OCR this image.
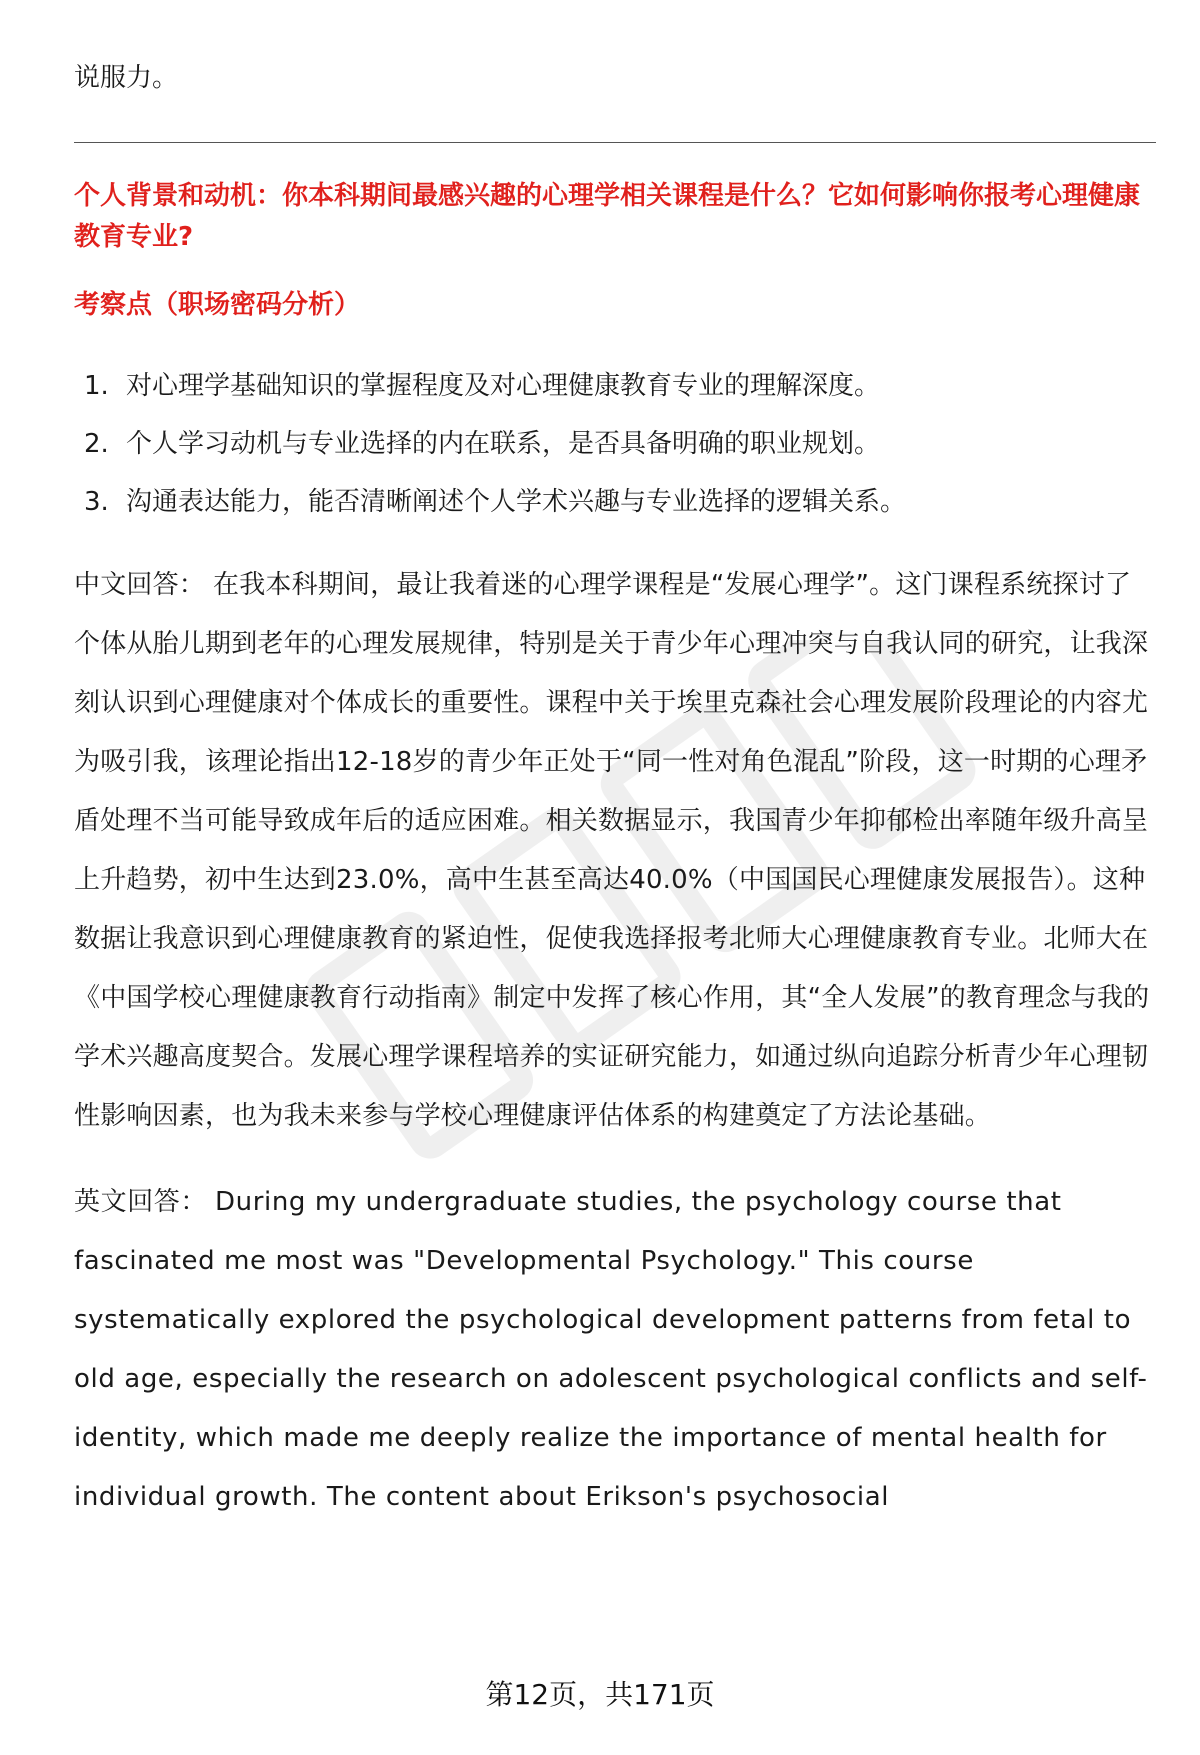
说服力。

个人背景和动机：你本科期间最感兴趣的心理学相关课程是什么？它如何影响你报考心理健康教育专业?

考察点（职场密码分析）

1. 对心理学基础知识的掌握程度及对心理健康教育专业的理解深度。
2. 个人学习动机与专业选择的内在联系，是否具备明确的职业规划。
3. 沟通表达能力，能否清晰阐述个人学术兴趣与专业选择的逻辑关系。

中文回答： 在我本科期间，最让我着迷的心理学课程是“发展心理学”。这门课程系统探讨了个体从胎儿期到老年的心理发展规律，特别是关于青少年心理冲突与自我认同的研究，让我深刻认识到心理健康对个体成长的重要性。课程中关于埃里克森社会心理发展阶段理论的内容尤为吸引我，该理论指出12-18岁的青少年正处于“同一性对角色混乱”阶段，这一时期的心理矛盾处理不当可能导致成年后的适应困难。相关数据显示，我国青少年抑郁检出率随年级升高呈上升趋势，初中生达到23.0%，高中生甚至高达40.0%（中国国民心理健康发展报告）。这种数据让我意识到心理健康教育的紧迫性，促使我选择报考北师大心理健康教育专业。北师大在《中国学校心理健康教育行动指南》制定中发挥了核心作用，其“全人发展”的教育理念与我的学术兴趣高度契合。发展心理学课程培养的实证研究能力，如通过纵向追踪分析青少年心理韧性影响因素，也为我未来参与学校心理健康评估体系的构建奠定了方法论基础。

英文回答： During my undergraduate studies, the psychology course that fascinated me most was "Developmental Psychology." This course systematically explored the psychological development patterns from fetal to old age, especially the research on adolescent psychological conflicts and self-identity, which made me deeply realize the importance of mental health for individual growth. The content about Erikson's psychosocial

第12页，共171页
